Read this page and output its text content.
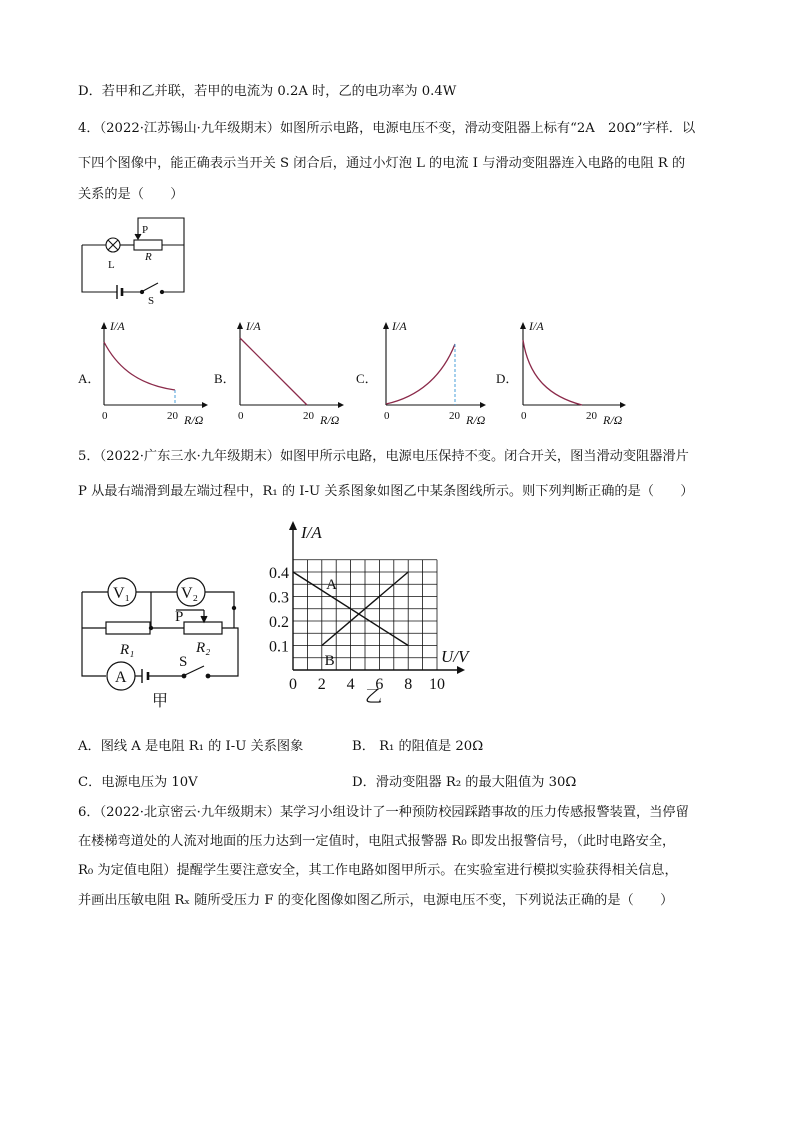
D．若甲和乙并联，若甲的电流为 0.2A 时，乙的电功率为 0.4W
4．（2022·江苏锡山·九年级期末）如图所示电路，电源电压不变，滑动变阻器上标有“2A　20Ω”字样．以
下四个图像中，能正确表示当开关 S 闭合后，通过小灯泡 L 的电流 I 与滑动变阻器连入电路的电阻 R 的
关系的是（　　）
L
P
R
S
A．
I/A
R/Ω
0	20
B．
I/A
R/Ω
0	20
C．
I/A
R/Ω
0	20
D．
I/A
R/Ω
0	20
5．（2022·广东三水·九年级期末）如图甲所示电路，电源电压保持不变。闭合开关，图当滑动变阻器滑片
P 从最右端滑到最左端过程中，R₁ 的 I-U 关系图象如图乙中某条图线所示。则下列判断正确的是（　　）
V₁	V₂
P
R₁	R₂
A
S
甲
I/A
U/V
0 2 4 6 8 10
0.1
0.2
0.3
0.4
A
B
乙
A．图线 A 是电阻 R₁ 的 I-U 关系图象	B． R₁ 的阻值是 20Ω
C．电源电压为 10V	D．滑动变阻器 R₂ 的最大阻值为 30Ω
6．（2022·北京密云·九年级期末）某学习小组设计了一种预防校园踩踏事故的压力传感报警装置，当停留
在楼梯弯道处的人流对地面的压力达到一定值时，电阻式报警器 R₀ 即发出报警信号，（此时电路安全，
R₀ 为定值电阻）提醒学生要注意安全，其工作电路如图甲所示。在实验室进行模拟实验获得相关信息，
并画出压敏电阻 Rₓ 随所受压力 F 的变化图像如图乙所示，电源电压不变，下列说法正确的是（　　）
